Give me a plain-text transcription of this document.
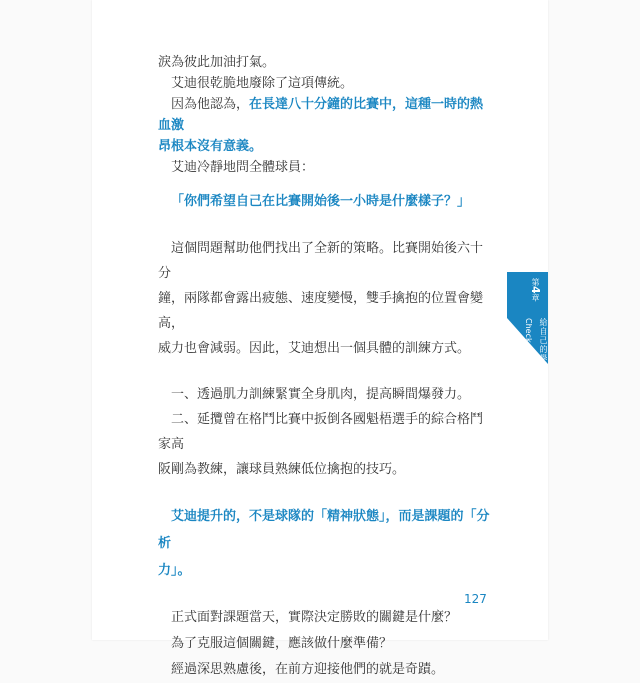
淚為彼此加油打氣。

艾迪很乾脆地廢除了這項傳統。

因為他認為，在長達八十分鐘的比賽中，這種一時的熱血激

昂根本沒有意義。

艾迪冷靜地問全體球員：

「你們希望自己在比賽開始後一小時是什麼樣子？」

這個問題幫助他們找出了全新的策略。比賽開始後六十分

鐘，兩隊都會露出疲態、速度變慢，雙手擒抱的位置會變高，

威力也會減弱。因此，艾迪想出一個具體的訓練方式。

一、透過肌力訓練緊實全身肌肉，提高瞬間爆發力。

二、延攬曾在格鬥比賽中扳倒各國魁梧選手的綜合格鬥家高

阪剛為教練，讓球員熟練低位擒抱的技巧。

艾迪提升的，不是球隊的「精神狀態」，而是課題的「分析

力」。

正式面對課題當天，實際決定勝敗的關鍵是什麼？

為了克服這個關鍵，應該做什麼準備？

經過深思熟慮後，在前方迎接他們的就是奇蹟。

第4章
Check 給自己的學習適當的評價
127
